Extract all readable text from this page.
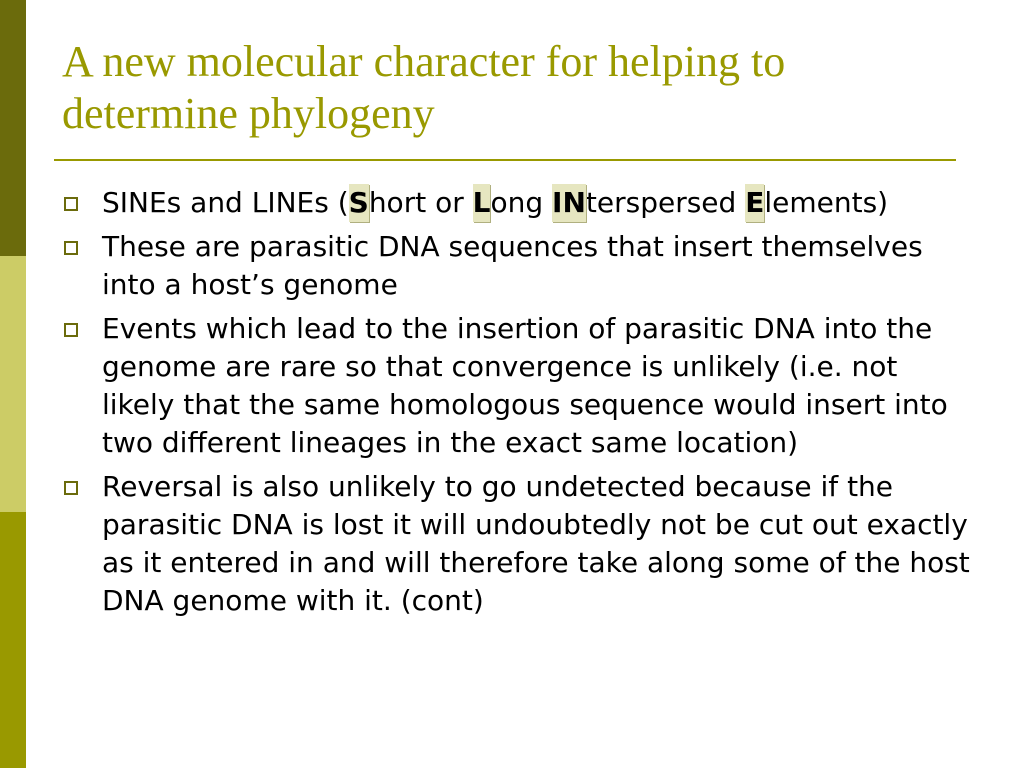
A new molecular character for helping to determine phylogeny
SINEs and LINEs (Short or Long INterspersed Elements)
These are parasitic DNA sequences that insert themselves into a host’s genome
Events which lead to the insertion of parasitic DNA into the genome are rare so that convergence is unlikely (i.e. not likely that the same homologous sequence would insert into two different lineages in the exact same location)
Reversal is also unlikely to go undetected because if the parasitic DNA is lost it will undoubtedly not be cut out exactly as it entered in and will therefore take along some of the host DNA genome with it. (cont)
